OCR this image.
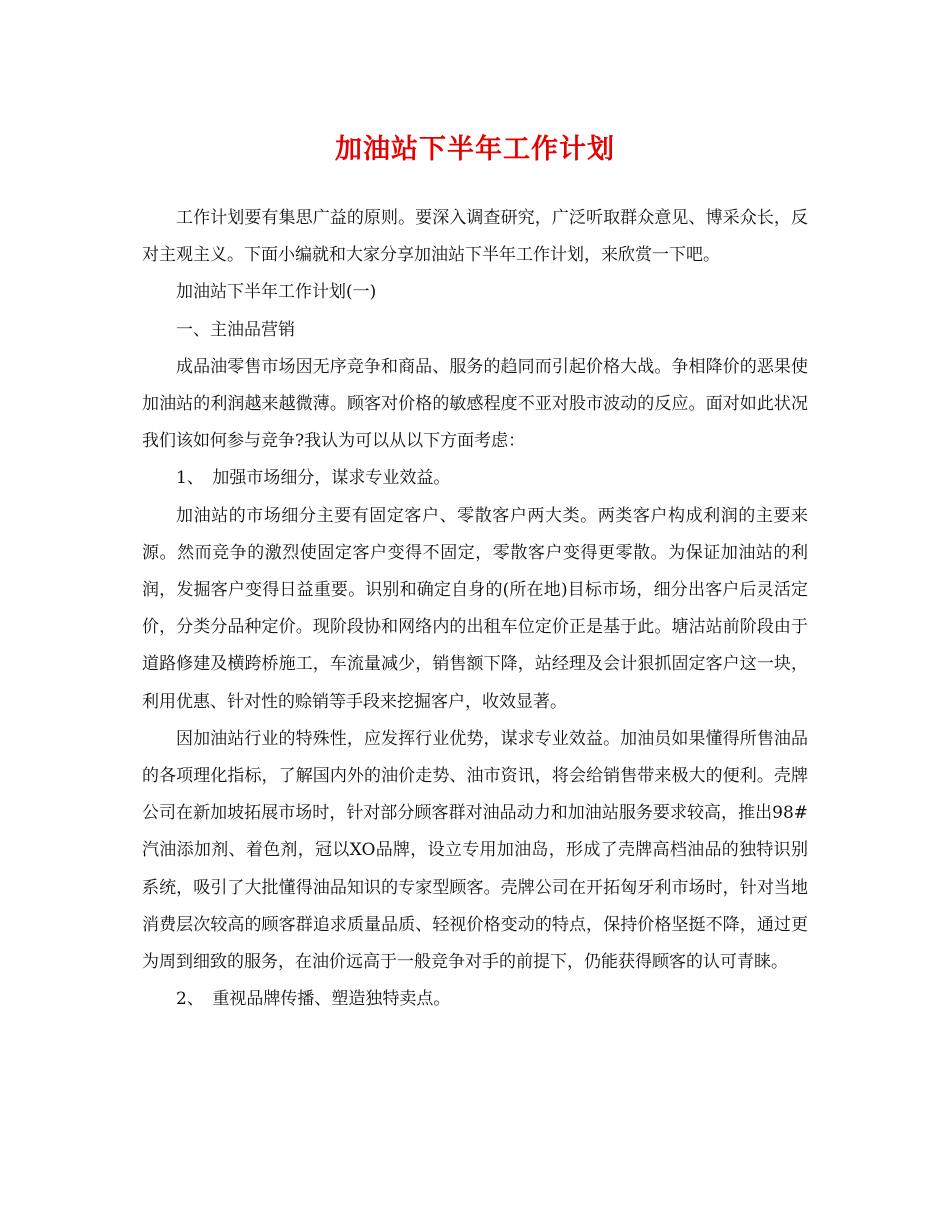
加油站下半年工作计划

工作计划要有集思广益的原则。要深入调查研究，广泛听取群众意见、博采众长，反对主观主义。下面小编就和大家分享加油站下半年工作计划，来欣赏一下吧。

加油站下半年工作计划(一)

一、主油品营销

成品油零售市场因无序竞争和商品、服务的趋同而引起价格大战。争相降价的恶果使加油站的利润越来越微薄。顾客对价格的敏感程度不亚对股市波动的反应。面对如此状况我们该如何参与竞争?我认为可以从以下方面考虑：

1、　加强市场细分，谋求专业效益。

加油站的市场细分主要有固定客户、零散客户两大类。两类客户构成利润的主要来源。然而竞争的激烈使固定客户变得不固定，零散客户变得更零散。为保证加油站的利润，发掘客户变得日益重要。识别和确定自身的(所在地)目标市场，细分出客户后灵活定价，分类分品种定价。现阶段协和网络内的出租车位定价正是基于此。塘沽站前阶段由于道路修建及横跨桥施工，车流量减少，销售额下降，站经理及会计狠抓固定客户这一块，利用优惠、针对性的赊销等手段来挖掘客户，收效显著。

因加油站行业的特殊性，应发挥行业优势，谋求专业效益。加油员如果懂得所售油品的各项理化指标，了解国内外的油价走势、油市资讯，将会给销售带来极大的便利。壳牌公司在新加坡拓展市场时，针对部分顾客群对油品动力和加油站服务要求较高，推出98#汽油添加剂、着色剂，冠以XO品牌，设立专用加油岛，形成了壳牌高档油品的独特识别系统，吸引了大批懂得油品知识的专家型顾客。壳牌公司在开拓匈牙利市场时，针对当地消费层次较高的顾客群追求质量品质、轻视价格变动的特点，保持价格坚挺不降，通过更为周到细致的服务，在油价远高于一般竞争对手的前提下，仍能获得顾客的认可青睐。

2、　重视品牌传播、塑造独特卖点。
